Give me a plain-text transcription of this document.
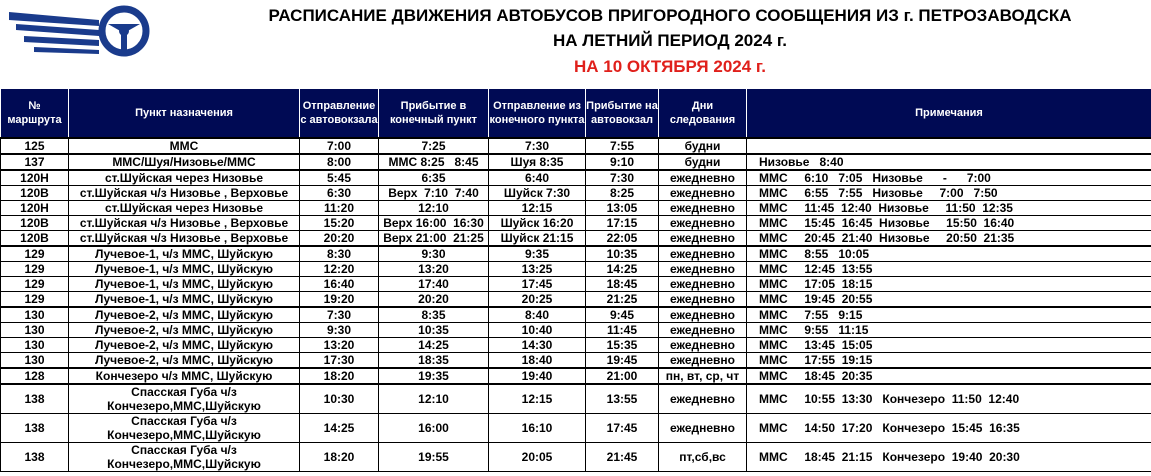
РАСПИСАНИЕ ДВИЖЕНИЯ АВТОБУСОВ ПРИГОРОДНОГО СООБЩЕНИЯ ИЗ г. ПЕТРОЗАВОДСКА
НА ЛЕТНИЙ ПЕРИОД 2024 г.
НА 10 ОКТЯБРЯ 2024 г.
№ маршрута	Пункт назначения	Отправление с автовокзала	Прибытие в конечный пункт	Отправление из конечного пункта	Прибытие на автовокзал	Дни следования	Примечания
125	ММС	7:00	7:25	7:30	7:55	будни	
137	ММС/Шуя/Низовье/ММС	8:00	ММС 8:25   8:45	Шуя 8:35	9:10	будни	Низовье   8:40
120Н	ст.Шуйская через Низовье	5:45	6:35	6:40	7:30	ежедневно	ММС     6:10   7:05   Низовье      -      7:00
120В	ст.Шуйская ч/з Низовье , Верховье	6:30	Верх  7:10  7:40	Шуйск 7:30	8:25	ежедневно	ММС     6:55   7:55   Низовье     7:00   7:50
120Н	ст.Шуйская через Низовье	11:20	12:10	12:15	13:05	ежедневно	ММС     11:45  12:40  Низовье     11:50  12:35
120В	ст.Шуйская ч/з Низовье , Верховье	15:20	Верх 16:00  16:30	Шуйск 16:20	17:15	ежедневно	ММС     15:45  16:45  Низовье     15:50  16:40
120В	ст.Шуйская ч/з Низовье , Верховье	20:20	Верх 21:00  21:25	Шуйск 21:15	22:05	ежедневно	ММС     20:45  21:40  Низовье     20:50  21:35
129	Лучевое-1, ч/з ММС, Шуйскую	8:30	9:30	9:35	10:35	ежедневно	ММС     8:55   10:05
129	Лучевое-1, ч/з ММС, Шуйскую	12:20	13:20	13:25	14:25	ежедневно	ММС     12:45  13:55
129	Лучевое-1, ч/з ММС, Шуйскую	16:40	17:40	17:45	18:45	ежедневно	ММС     17:05  18:15
129	Лучевое-1, ч/з ММС, Шуйскую	19:20	20:20	20:25	21:25	ежедневно	ММС     19:45  20:55
130	Лучевое-2, ч/з ММС, Шуйскую	7:30	8:35	8:40	9:45	ежедневно	ММС     7:55   9:15
130	Лучевое-2, ч/з ММС, Шуйскую	9:30	10:35	10:40	11:45	ежедневно	ММС     9:55   11:15
130	Лучевое-2, ч/з ММС, Шуйскую	13:20	14:25	14:30	15:35	ежедневно	ММС     13:45  15:05
130	Лучевое-2, ч/з ММС, Шуйскую	17:30	18:35	18:40	19:45	ежедневно	ММС     17:55  19:15
128	Кончезеро ч/з ММС, Шуйскую	18:20	19:35	19:40	21:00	пн, вт, ср, чт	ММС     18:45  20:35
138	Спасская Губа ч/з Кончезеро,ММС,Шуйскую	10:30	12:10	12:15	13:55	ежедневно	ММС     10:55  13:30   Кончезеро  11:50  12:40
138	Спасская Губа ч/з Кончезеро,ММС,Шуйскую	14:25	16:00	16:10	17:45	ежедневно	ММС     14:50  17:20   Кончезеро  15:45  16:35
138	Спасская Губа ч/з Кончезеро,ММС,Шуйскую	18:20	19:55	20:05	21:45	пт,сб,вс	ММС     18:45  21:15   Кончезеро  19:40  20:30
